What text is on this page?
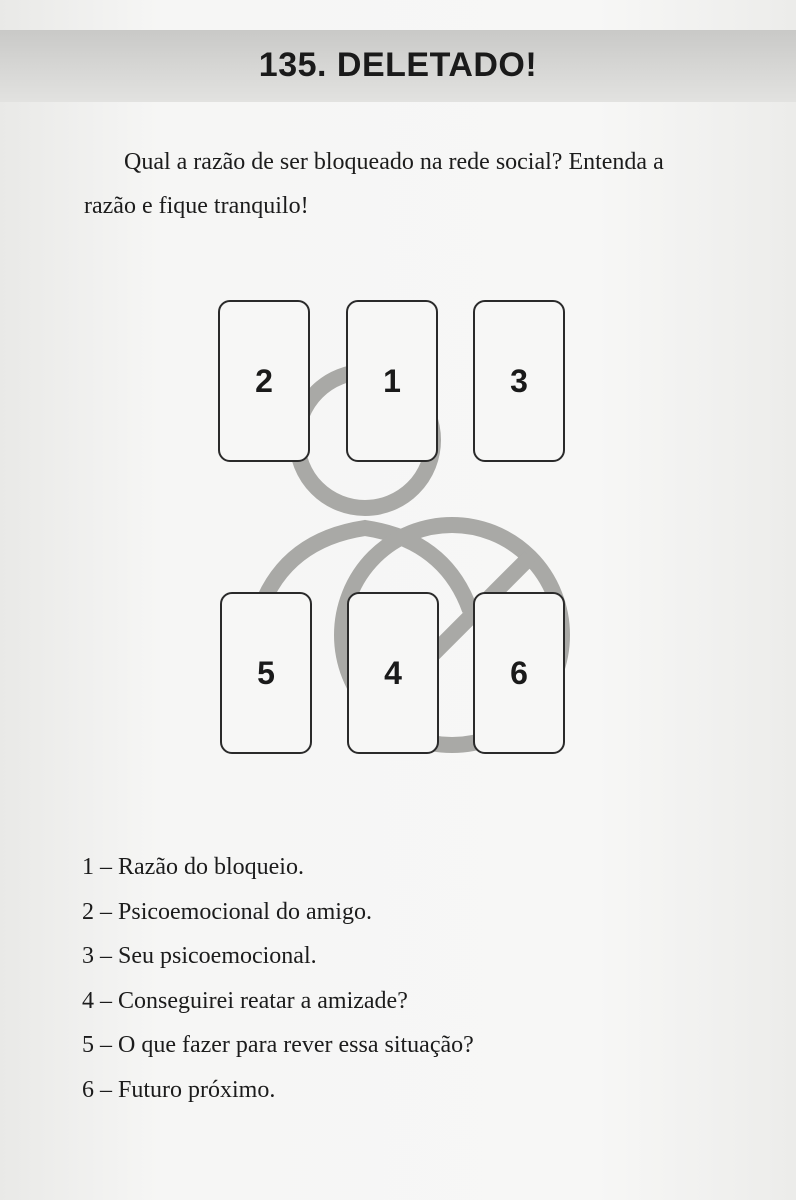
135. DELETADO!

Qual a razão de ser bloqueado na rede social? Entenda a
razão e fique tranquilo!

2	1	3
5	4	6
1 – Razão do bloqueio.
2 – Psicoemocional do amigo.
3 – Seu psicoemocional.
4 – Conseguirei reatar a amizade?
5 – O que fazer para rever essa situação?
6 – Futuro próximo.
